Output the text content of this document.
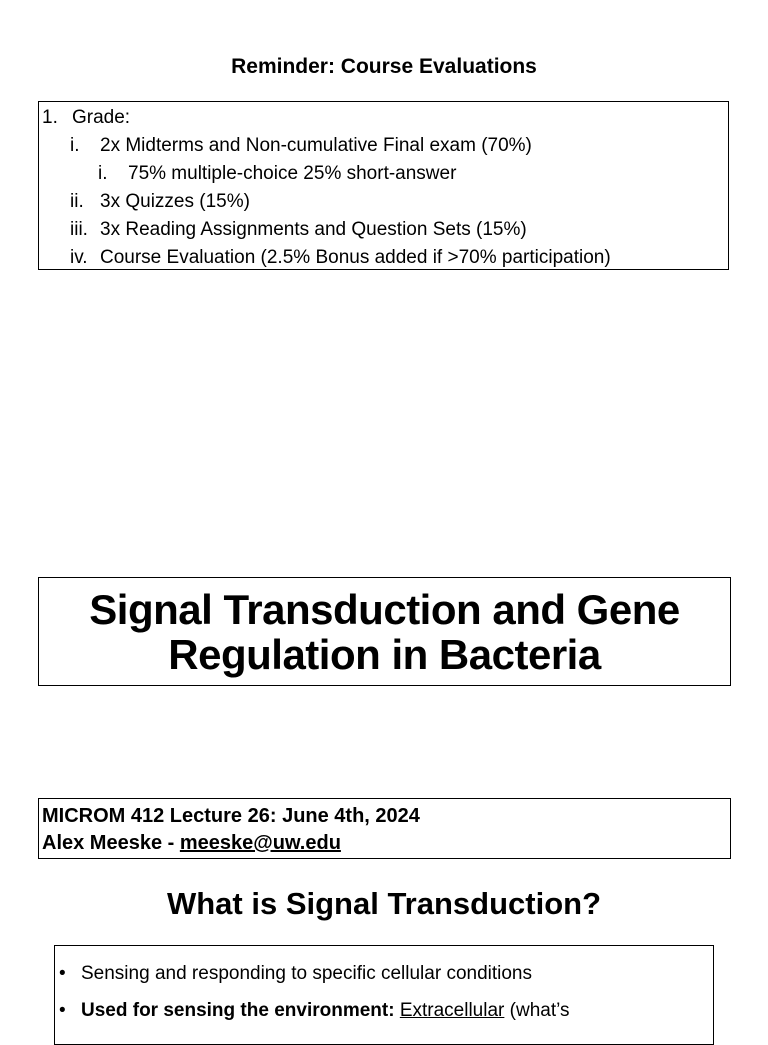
Reminder: Course Evaluations
1. Grade:
i. 2x Midterms and Non-cumulative Final exam (70%)
i. 75% multiple-choice 25% short-answer
ii. 3x Quizzes (15%)
iii. 3x Reading Assignments and Question Sets (15%)
iv. Course Evaluation (2.5% Bonus added if >70% participation)
Signal Transduction and Gene
Regulation in Bacteria
MICROM 412 Lecture 26: June 4th, 2024
Alex Meeske - meeske@uw.edu
What is Signal Transduction?
• Sensing and responding to specific cellular conditions
• Used for sensing the environment: Extracellular (what’s
